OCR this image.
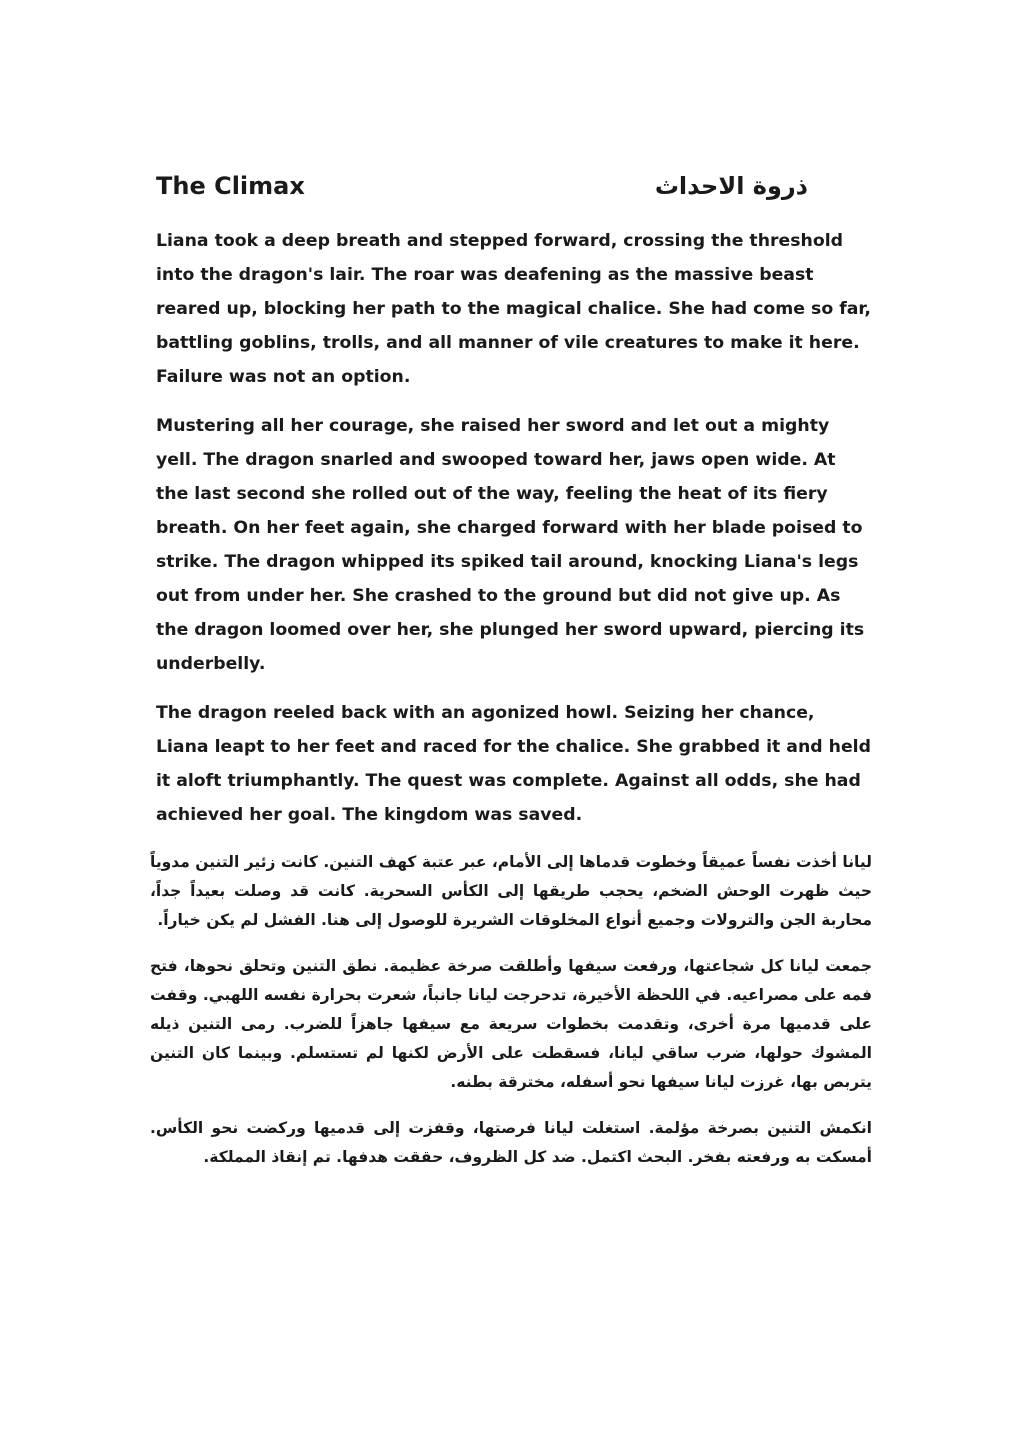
The Climax	ذروة الاحداث

Liana took a deep breath and stepped forward, crossing the threshold into the dragon's lair. The roar was deafening as the massive beast reared up, blocking her path to the magical chalice. She had come so far, battling goblins, trolls, and all manner of vile creatures to make it here. Failure was not an option.

Mustering all her courage, she raised her sword and let out a mighty yell. The dragon snarled and swooped toward her, jaws open wide. At the last second she rolled out of the way, feeling the heat of its fiery breath. On her feet again, she charged forward with her blade poised to strike. The dragon whipped its spiked tail around, knocking Liana's legs out from under her. She crashed to the ground but did not give up. As the dragon loomed over her, she plunged her sword upward, piercing its underbelly.

The dragon reeled back with an agonized howl. Seizing her chance, Liana leapt to her feet and raced for the chalice. She grabbed it and held it aloft triumphantly. The quest was complete. Against all odds, she had achieved her goal. The kingdom was saved.

ليانا أخذت نفساً عميقاً وخطوت قدماها إلى الأمام، عبر عتبة كهف التنين. كانت زئير التنين مدوياً حيث ظهرت الوحش الضخم، يحجب طريقها إلى الكأس السحرية. كانت قد وصلت بعيداً جداً، محاربة الجن والترولات وجميع أنواع المخلوقات الشريرة للوصول إلى هنا. الفشل لم يكن خياراً.

جمعت ليانا كل شجاعتها، ورفعت سيفها وأطلقت صرخة عظيمة. نطق التنين وتحلق نحوها، فتح فمه على مصراعيه. في اللحظة الأخيرة، تدحرجت ليانا جانباً، شعرت بحرارة نفسه اللهبي. وقفت على قدميها مرة أخرى، وتقدمت بخطوات سريعة مع سيفها جاهزاً للضرب. رمى التنين ذيله المشوك حولها، ضرب ساقي ليانا، فسقطت على الأرض لكنها لم تستسلم. وبينما كان التنين يتربص بها، غرزت ليانا سيفها نحو أسفله، مخترقة بطنه.

انكمش التنين بصرخة مؤلمة. استغلت ليانا فرصتها، وقفزت إلى قدميها وركضت نحو الكأس. أمسكت به ورفعته بفخر. البحث اكتمل. ضد كل الظروف، حققت هدفها. تم إنقاذ المملكة.
